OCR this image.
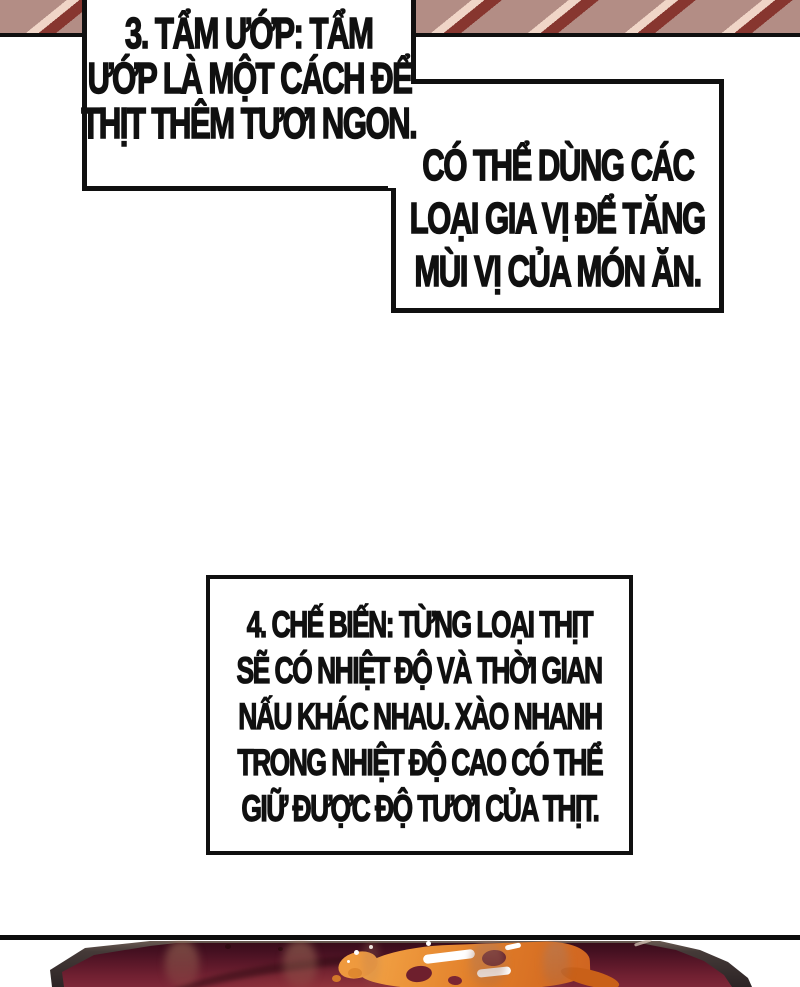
3. TẨM ƯỚP: TẨM
ƯỚP LÀ MỘT CÁCH ĐỂ
THỊT THÊM TƯƠI NGON.
CÓ THỂ DÙNG CÁC
LOẠI GIA VỊ ĐỂ TĂNG
MÙI VỊ CỦA MÓN ĂN.
4. CHẾ BIẾN: TỪNG LOẠI THỊT
SẼ CÓ NHIỆT ĐỘ VÀ THỜI GIAN
NẤU KHÁC NHAU. XÀO NHANH
TRONG NHIỆT ĐỘ CAO CÓ THỂ
GIỮ ĐƯỢC ĐỘ TƯƠI CỦA THỊT.
